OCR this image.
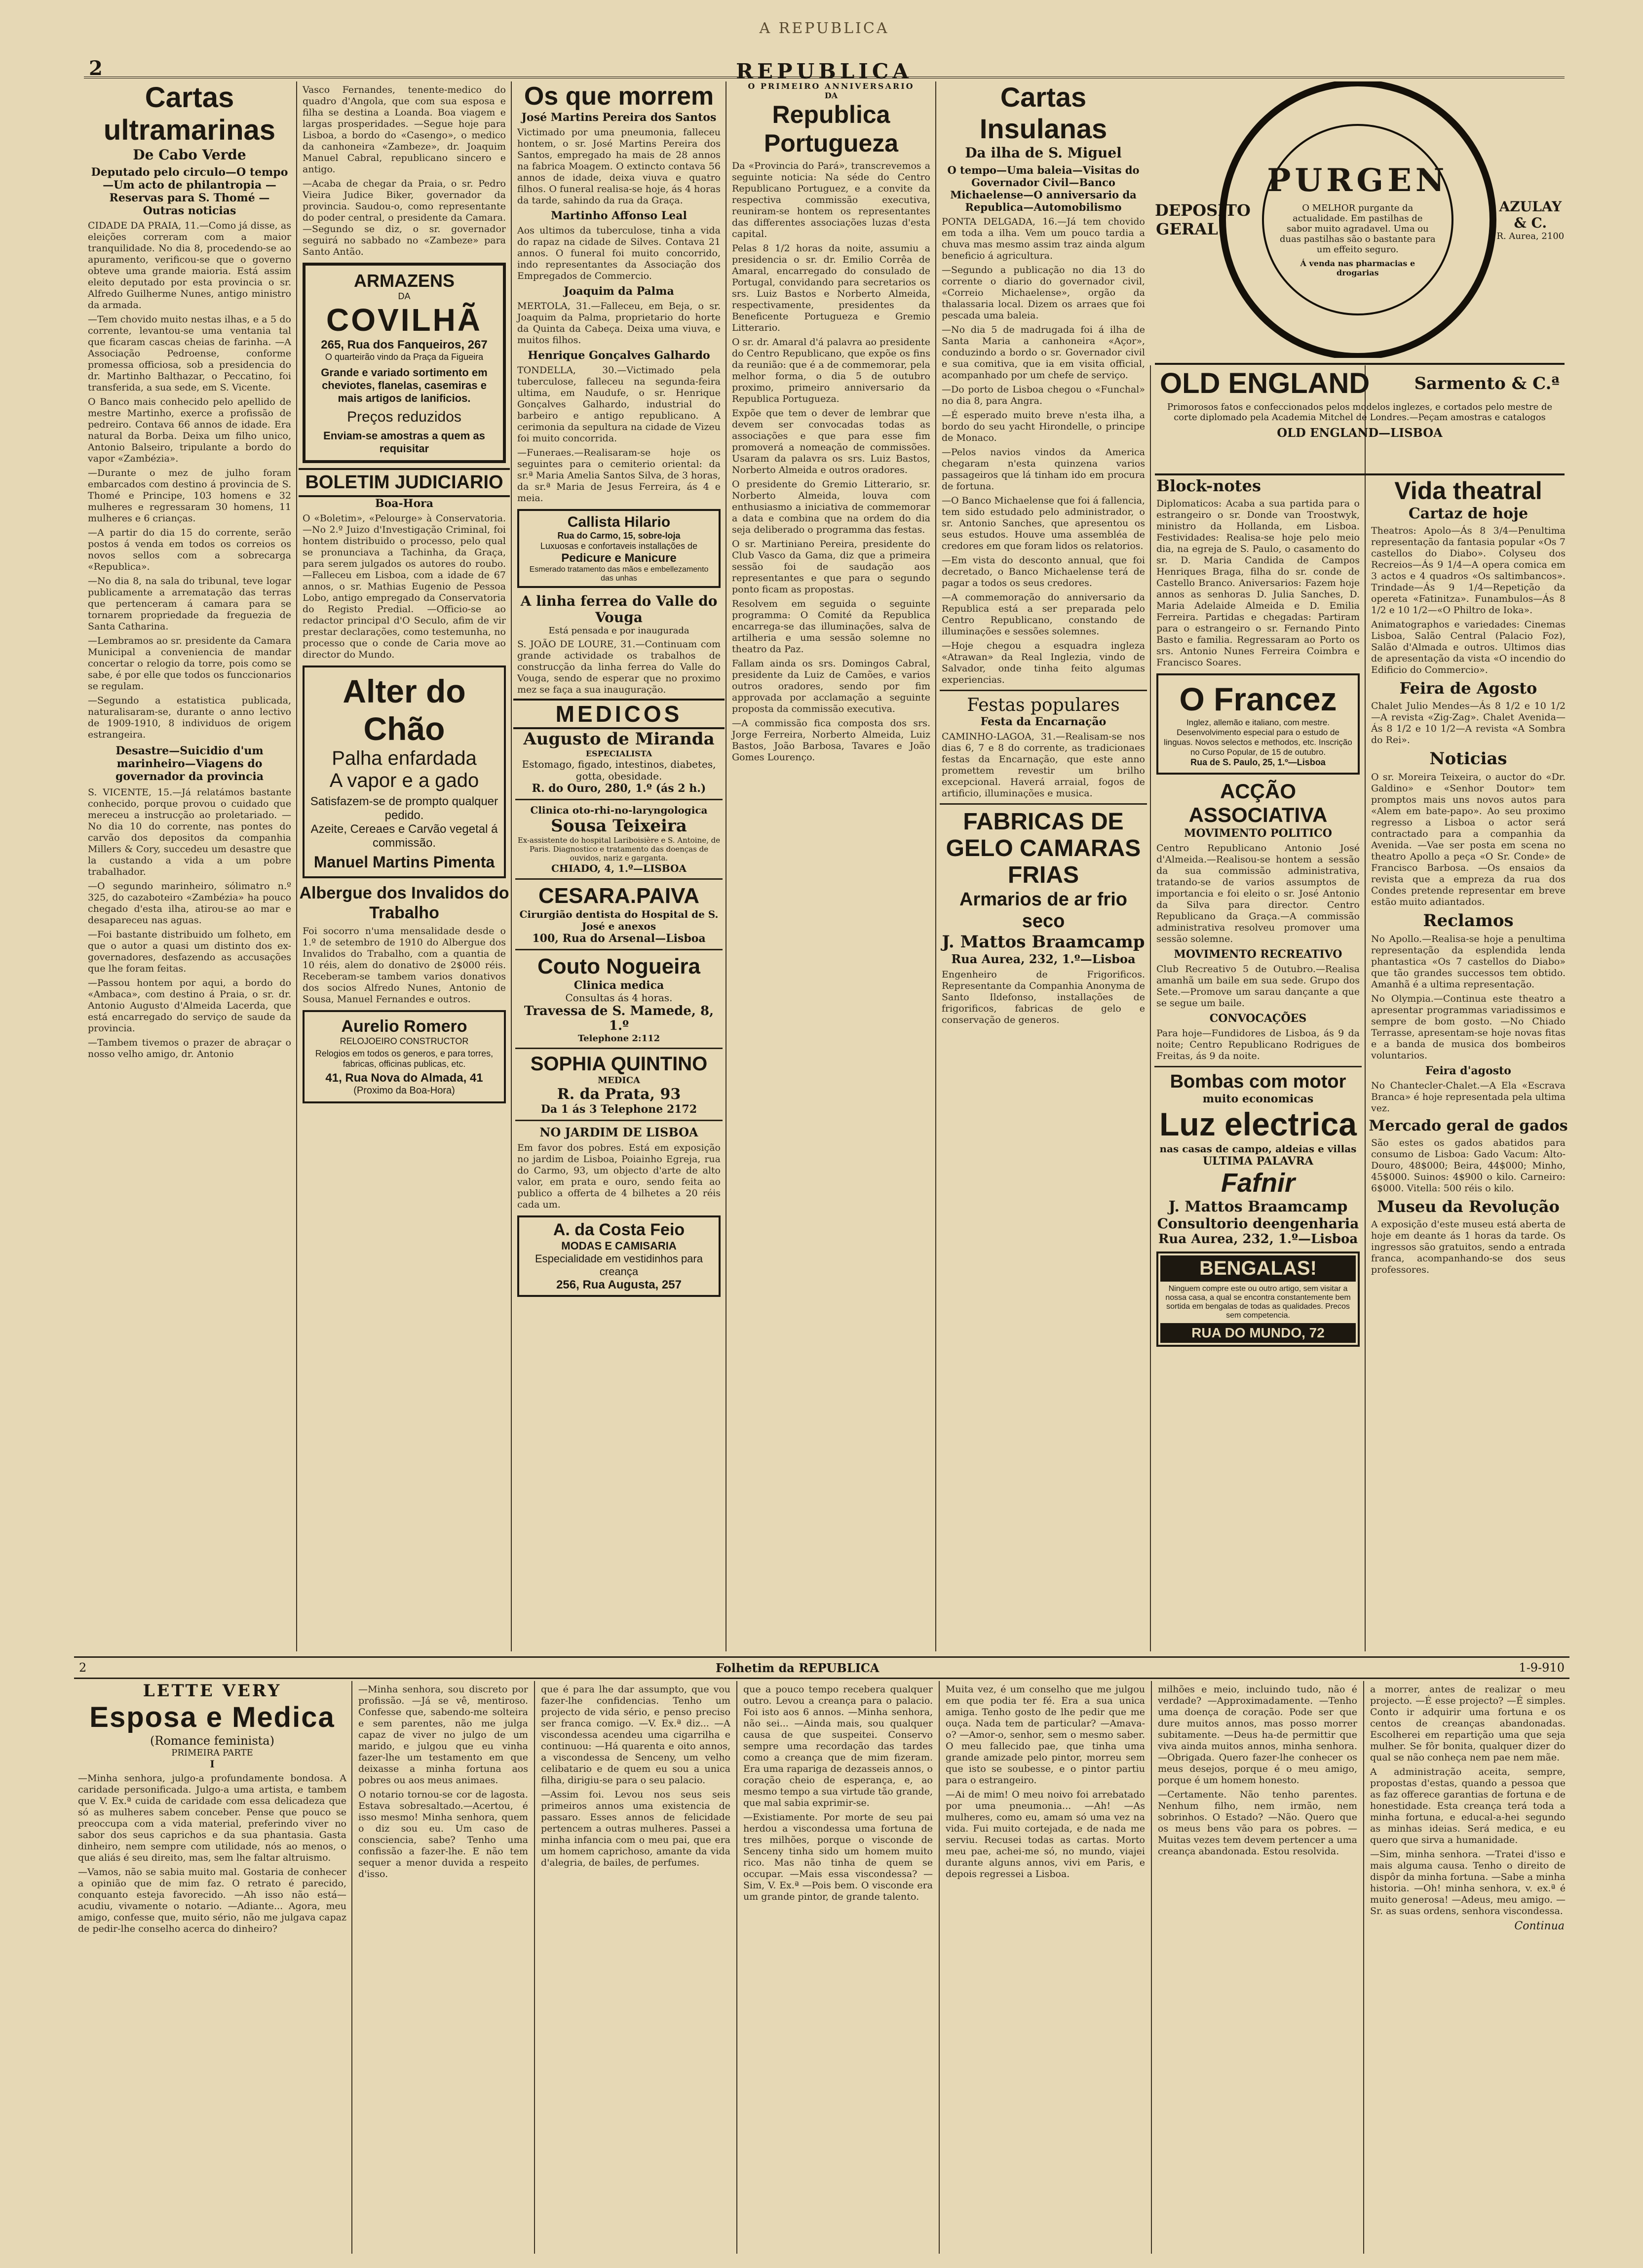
A REPUBLICA
2	REPUBLICA
Cartas ultramarinas
De Cabo Verde
Deputado pelo circulo—O tempo —Um acto de philantropia —Reservas para S. Thomé —Outras noticias

CIDADE DA PRAIA, 11.—Como já disse, as eleições correram com a maior tranquilidade. No dia 8, procedendo-se ao apuramento, verificou-se que o governo obteve uma grande maioria. Está assim eleito deputado por esta provincia o sr. Alfredo Guilherme Nunes, antigo ministro da armada.

—Tem chovido muito nestas ilhas, e a 5 do corrente, levantou-se uma ventania tal que ficaram cascas cheias de farinha. —A Associação Pedroense, conforme promessa officiosa, sob a presidencia do dr. Martinho Balthazar, o Peccatino, foi transferida, a sua sede, em S. Vicente.

O Banco mais conhecido pelo apellido de mestre Martinho, exerce a profissão de pedreiro. Contava 66 annos de idade. Era natural da Borba. Deixa um filho unico, Antonio Balseiro, tripulante a bordo do vapor «Zambézia».

—Durante o mez de julho foram embarcados com destino á provincia de S. Thomé e Principe, 103 homens e 32 mulheres e regressaram 30 homens, 11 mulheres e 6 crianças.

—A partir do dia 15 do corrente, serão postos á venda em todos os correios os novos sellos com a sobrecarga «Republica».

—No dia 8, na sala do tribunal, teve logar publicamente a arrematação das terras que pertenceram á camara para se tornarem propriedade da freguezia de Santa Catharina.

—Lembramos ao sr. presidente da Camara Municipal a conveniencia de mandar concertar o relogio da torre, pois como se sabe, é por elle que todos os funccionarios se regulam.

—Segundo a estatistica publicada, naturalisaram-se, durante o anno lectivo de 1909-1910, 8 individuos de origem estrangeira.

Desastre—Suicidio d'um marinheiro—Viagens do governador da provincia

S. VICENTE, 15.—Já relatámos bastante conhecido, porque provou o cuidado que mereceu a instrucção ao proletariado. —No dia 10 do corrente, nas pontes do carvão dos depositos da companhia Millers & Cory, succedeu um desastre que la custando a vida a um pobre trabalhador.

—O segundo marinheiro, sólimatro n.º 325, do cazaboteiro «Zambézia» ha pouco chegado d'esta ilha, atirou-se ao mar e desapareceu nas aguas.

—Foi bastante distribuido um folheto, em que o autor a quasi um distinto dos ex-governadores, desfazendo as accusações que lhe foram feitas.

—Passou hontem por aqui, a bordo do «Ambaca», com destino á Praia, o sr. dr. Antonio Augusto d'Almeida Lacerda, que está encarregado do serviço de saude da provincia.

—Tambem tivemos o prazer de abraçar o nosso velho amigo, dr. Antonio

Vasco Fernandes, tenente-medico do quadro d'Angola, que com sua esposa e filha se destina a Loanda. Boa viagem e largas prosperidades. —Segue hoje para Lisboa, a bordo do «Casengo», o medico da canhoneira «Zambeze», dr. Joaquim Manuel Cabral, republicano sincero e antigo.

—Acaba de chegar da Praia, o sr. Pedro Vieira Judice Biker, governador da provincia. Saudou-o, como representante do poder central, o presidente da Camara. —Segundo se diz, o sr. governador seguirá no sabbado no «Zambeze» para Santo Antão.

ARMAZENS
DA
COVILHÃ
265, Rua dos Fanqueiros, 267
O quarteirão vindo da Praça da Figueira
Grande e variado sortimento em cheviotes, flanelas, casemiras e mais artigos de lanificios.
Preços reduzidos
Enviam-se amostras a quem as requisitar
BOLETIM JUDICIARIO
Boa-Hora

O «Boletim», «Pelourge» à Conservatoria.—No 2.º Juizo d'Investigação Criminal, foi hontem distribuido o processo, pelo qual se pronunciava a Tachinha, da Graça, para serem julgados os autores do roubo. —Falleceu em Lisboa, com a idade de 67 annos, o sr. Mathias Eugenio de Pessoa Lobo, antigo empregado da Conservatoria do Registo Predial. —Officio-se ao redactor principal d'O Seculo, afim de vir prestar declarações, como testemunha, no processo que o conde de Caria move ao director do Mundo.

Alter do Chão
Palha enfardada
A vapor e a gado
Satisfazem-se de prompto qualquer pedido.
Azeite, Cereaes e Carvão vegetal á commissão.
Manuel Martins Pimenta
Albergue dos Invalidos do Trabalho

Foi socorro n'uma mensalidade desde o 1.º de setembro de 1910 do Albergue dos Invalidos do Trabalho, com a quantia de 10 réis, alem do donativo de 2$000 réis. Receberam-se tambem varios donativos dos socios Alfredo Nunes, Antonio de Sousa, Manuel Fernandes e outros.

Aurelio Romero
RELOJOEIRO CONSTRUCTOR
Relogios em todos os generos, e para torres, fabricas, officinas publicas, etc.
41, Rua Nova do Almada, 41
(Proximo da Boa-Hora)
Os que morrem
José Martins Pereira dos Santos

Victimado por uma pneumonia, falleceu hontem, o sr. José Martins Pereira dos Santos, empregado ha mais de 28 annos na fabrica Moagem. O extincto contava 56 annos de idade, deixa viuva e quatro filhos. O funeral realisa-se hoje, ás 4 horas da tarde, sahindo da rua da Graça.

Martinho Affonso Leal

Aos ultimos da tuberculose, tinha a vida do rapaz na cidade de Silves. Contava 21 annos. O funeral foi muito concorrido, indo representantes da Associação dos Empregados de Commercio.

Joaquim da Palma

MERTOLA, 31.—Falleceu, em Beja, o sr. Joaquim da Palma, proprietario do horte da Quinta da Cabeça. Deixa uma viuva, e muitos filhos.

Henrique Gonçalves Galhardo

TONDELLA, 30.—Victimado pela tuberculose, falleceu na segunda-feira ultima, em Naudufe, o sr. Henrique Gonçalves Galhardo, industrial do barbeiro e antigo republicano. A cerimonia da sepultura na cidade de Vizeu foi muito concorrida.

—Funeraes.—Realisaram-se hoje os seguintes para o cemiterio oriental: da sr.ª Maria Amelia Santos Silva, de 3 horas, da sr.ª Maria de Jesus Ferreira, ás 4 e meia.

Callista Hilario
Rua do Carmo, 15, sobre-loja
Luxuosas e confortaveis installações de
Pedicure e Manicure
Esmerado tratamento das mãos e embellezamento das unhas
A linha ferrea do Valle do Vouga
Está pensada e por inaugurada

S. JOÃO DE LOURE, 31.—Continuam com grande actividade os trabalhos de construcção da linha ferrea do Valle do Vouga, sendo de esperar que no proximo mez se faça a sua inauguração.

MEDICOS
Augusto de Miranda
ESPECIALISTA
Estomago, figado, intestinos, diabetes, gotta, obesidade.
R. do Ouro, 280, 1.º (ás 2 h.)
Clinica oto-rhi-no-laryngologica
Sousa Teixeira
Ex-assistente do hospital Lariboisière e S. Antoine, de Paris. Diagnostico e tratamento das doenças de ouvidos, nariz e garganta.
CHIADO, 4, 1.º—LISBOA
CESARA.PAIVA
Cirurgião dentista do Hospital de S. José e anexos
100, Rua do Arsenal—Lisboa
Couto Nogueira
Clinica medica
Consultas ás 4 horas.
Travessa de S. Mamede, 8, 1.º
Telephone 2:112
SOPHIA QUINTINO
MEDICA
R. da Prata, 93
Da 1 ás 3 Telephone 2172
NO JARDIM DE LISBOA

Em favor dos pobres. Está em exposição no jardim de Lisboa, Poiainho Egreja, rua do Carmo, 93, um objecto d'arte de alto valor, em prata e ouro, sendo feita ao publico a offerta de 4 bilhetes a 20 réis cada um.

A. da Costa Feio
MODAS E CAMISARIA
Especialidade em vestidinhos para creança
256, Rua Augusta, 257
O PRIMEIRO ANNIVERSARIO
DA
Republica Portugueza

Da «Provincia do Pará», transcrevemos a seguinte noticia: Na séde do Centro Republicano Portuguez, e a convite da respectiva commissão executiva, reuniram-se hontem os representantes das differentes associações luzas d'esta capital.

Pelas 8 1/2 horas da noite, assumiu a presidencia o sr. dr. Emilio Corrêa de Amaral, encarregado do consulado de Portugal, convidando para secretarios os srs. Luiz Bastos e Norberto Almeida, respectivamente, presidentes da Beneficente Portugueza e Gremio Litterario.

O sr. dr. Amaral d'á palavra ao presidente do Centro Republicano, que expõe os fins da reunião: que é a de commemorar, pela melhor forma, o dia 5 de outubro proximo, primeiro anniversario da Republica Portugueza.

Expõe que tem o dever de lembrar que devem ser convocadas todas as associações e que para esse fim promoverá a nomeação de commissões. Usaram da palavra os srs. Luiz Bastos, Norberto Almeida e outros oradores.

O presidente do Gremio Litterario, sr. Norberto Almeida, louva com enthusiasmo a iniciativa de commemorar a data e combina que na ordem do dia seja deliberado o programma das festas.

O sr. Martiniano Pereira, presidente do Club Vasco da Gama, diz que a primeira sessão foi de saudação aos representantes e que para o segundo ponto ficam as propostas.

Resolvem em seguida o seguinte programma: O Comité da Republica encarrega-se das illuminações, salva de artilheria e uma sessão solemne no theatro da Paz.

Fallam ainda os srs. Domingos Cabral, presidente da Luiz de Camões, e varios outros oradores, sendo por fim approvada por acclamação a seguinte proposta da commissão executiva.

—A commissão fica composta dos srs. Jorge Ferreira, Norberto Almeida, Luiz Bastos, João Barbosa, Tavares e João Gomes Lourenço.

Cartas Insulanas
Da ilha de S. Miguel
O tempo—Uma baleia—Visitas do Governador Civil—Banco Michaelense—O anniversario da Republica—Automobilismo

PONTA DELGADA, 16.—Já tem chovido em toda a ilha. Vem um pouco tardia a chuva mas mesmo assim traz ainda algum beneficio á agricultura.

—Segundo a publicação no dia 13 do corrente o diario do governador civil, «Correio Michaelense», orgão da thalassaria local. Dizem os arraes que foi pescada uma baleia.

—No dia 5 de madrugada foi á ilha de Santa Maria a canhoneira «Açor», conduzindo a bordo o sr. Governador civil e sua comitiva, que ia em visita official, acompanhado por um chefe de serviço.

—Do porto de Lisboa chegou o «Funchal» no dia 8, para Angra.

—É esperado muito breve n'esta ilha, a bordo do seu yacht Hirondelle, o principe de Monaco.

—Pelos navios vindos da America chegaram n'esta quinzena varios passageiros que lá tinham ido em procura de fortuna.

—O Banco Michaelense que foi á fallencia, tem sido estudado pelo administrador, o sr. Antonio Sanches, que apresentou os seus estudos. Houve uma assembléa de credores em que foram lidos os relatorios.

—Em vista do desconto annual, que foi decretado, o Banco Michaelense terá de pagar a todos os seus credores.

—A commemoração do anniversario da Republica está a ser preparada pelo Centro Republicano, constando de illuminações e sessões solemnes.

—Hoje chegou a esquadra ingleza «Atrawan» da Real Inglezia, vindo de Salvador, onde tinha feito algumas experiencias.

Festas populares
Festa da Encarnação

CAMINHO-LAGOA, 31.—Realisam-se nos dias 6, 7 e 8 do corrente, as tradicionaes festas da Encarnação, que este anno promettem revestir um brilho excepcional. Haverá arraial, fogos de artificio, illuminações e musica.

FABRICAS DE GELO CAMARAS FRIAS
Armarios de ar frio seco
J. Mattos Braamcamp
Rua Aurea, 232, 1.º—Lisboa

Engenheiro de Frigorificos. Representante da Companhia Anonyma de Santo Ildefonso, installações de frigorificos, fabricas de gelo e conservação de generos.

DEPOSITO GERAL
PURGEN
O MELHOR purgante da actualidade. Em pastilhas de sabor muito agradavel. Uma ou duas pastilhas são o bastante para um effeito seguro.
Á venda nas pharmacias e drogarias
AZULAY & C.
R. Aurea, 2100
OLD ENGLAND	Sarmento & C.ª
Primorosos fatos e confeccionados pelos modelos inglezes, e cortados pelo mestre de corte diplomado pela Academia Mitchel de Londres.—Peçam amostras e catalogos
OLD ENGLAND—LISBOA
Block-notes

Diplomaticos: Acaba a sua partida para o estrangeiro o sr. Donde van Troostwyk, ministro da Hollanda, em Lisboa. Festividades: Realisa-se hoje pelo meio dia, na egreja de S. Paulo, o casamento do sr. D. Maria Candida de Campos Henriques Braga, filha do sr. conde de Castello Branco. Aniversarios: Fazem hoje annos as senhoras D. Julia Sanches, D. Maria Adelaide Almeida e D. Emilia Ferreira. Partidas e chegadas: Partiram para o estrangeiro o sr. Fernando Pinto Basto e familia. Regressaram ao Porto os srs. Antonio Nunes Ferreira Coimbra e Francisco Soares.

O Francez
Inglez, allemão e italiano, com mestre. Desenvolvimento especial para o estudo de linguas. Novos selectos e methodos, etc. Inscrição no Curso Popular, de 15 de outubro.
Rua de S. Paulo, 25, 1.º—Lisboa
ACÇÃO ASSOCIATIVA
MOVIMENTO POLITICO

Centro Republicano Antonio José d'Almeida.—Realisou-se hontem a sessão da sua commissão administrativa, tratando-se de varios assumptos de importancia e foi eleito o sr. José Antonio da Silva para director. Centro Republicano da Graça.—A commissão administrativa resolveu promover uma sessão solemne.

MOVIMENTO RECREATIVO

Club Recreativo 5 de Outubro.—Realisa amanhã um baile em sua sede. Grupo dos Sete.—Promove um sarau dançante a que se segue um baile.

CONVOCAÇÕES

Para hoje—Fundidores de Lisboa, ás 9 da noite; Centro Republicano Rodrigues de Freitas, ás 9 da noite.

Bombas com motor
muito economicas
Luz electrica
nas casas de campo, aldeias e villas
ULTIMA PALAVRA
Fafnir
J. Mattos Braamcamp
Consultorio deengenharia
Rua Aurea, 232, 1.º—Lisboa
BENGALAS!
Ninguem compre este ou outro artigo, sem visitar a nossa casa, a qual se encontra constantemente bem sortida em bengalas de todas as qualidades. Precos sem competencia.
RUA DO MUNDO, 72
Vida theatral
Cartaz de hoje

Theatros: Apolo—Ás 8 3/4—Penultima representação da fantasia popular «Os 7 castellos do Diabo». Colyseu dos Recreios—Ás 9 1/4—A opera comica em 3 actos e 4 quadros «Os saltimbancos». Trindade—Ás 9 1/4—Repetição da opereta «Fatinitza». Funambulos—Ás 8 1/2 e 10 1/2—«O Philtro de Ioka».

Animatographos e variedades: Cinemas Lisboa, Salão Central (Palacio Foz), Salão d'Almada e outros. Ultimos dias de apresentação da vista «O incendio do Edificio do Commercio».

Feira de Agosto

Chalet Julio Mendes—Ás 8 1/2 e 10 1/2—A revista «Zig-Zag». Chalet Avenida—Ás 8 1/2 e 10 1/2—A revista «A Sombra do Rei».

Noticias

O sr. Moreira Teixeira, o auctor do «Dr. Galdino» e «Senhor Doutor» tem promptos mais uns novos autos para «Alem em bate-papo». Ao seu proximo regresso a Lisboa o actor será contractado para a companhia da Avenida. —Vae ser posta em scena no theatro Apollo a peça «O Sr. Conde» de Francisco Barbosa. —Os ensaios da revista que a empreza da rua dos Condes pretende representar em breve estão muito adiantados.

Reclamos

No Apollo.—Realisa-se hoje a penultima representação da esplendida lenda phantastica «Os 7 castellos do Diabo» que tão grandes successos tem obtido. Amanhã é a ultima representação.

No Olympia.—Continua este theatro a apresentar programmas variadissimos e sempre de bom gosto. —No Chiado Terrasse, apresentam-se hoje novas fitas e a banda de musica dos bombeiros voluntarios.

Feira d'agosto

No Chantecler-Chalet.—A Ela «Escrava Branca» é hoje representada pela ultima vez.

Mercado geral de gados

São estes os gados abatidos para consumo de Lisboa: Gado Vacum: Alto-Douro, 48$000; Beira, 44$000; Minho, 45$000. Suinos: 4$900 o kilo. Carneiro: 6$000. Vitella: 500 réis o kilo.

Museu da Revolução

A exposição d'este museu está aberta de hoje em deante ás 1 horas da tarde. Os ingressos são gratuitos, sendo a entrada franca, acompanhando-se dos seus professores.

2	Folhetim da REPUBLICA	1-9-910
LETTE VERY
Esposa e Medica
(Romance feminista)
PRIMEIRA PARTE
I

—Minha senhora, julgo-a profundamente bondosa. A caridade personificada. Julgo-a uma artista, e tambem que V. Ex.ª cuida de caridade com essa delicadeza que só as mulheres sabem conceber. Pense que pouco se preoccupa com a vida material, preferindo viver no sabor dos seus caprichos e da sua phantasia. Gasta dinheiro, nem sempre com utilidade, nós ao menos, o que aliás é seu direito, mas, sem lhe faltar altruismo.

—Vamos, não se sabia muito mal. Gostaria de conhecer a opinião que de mim faz. O retrato é parecido, conquanto esteja favorecido. —Ah isso não está—acudiu, vivamente o notario. —Adiante... Agora, meu amigo, confesse que, muito sério, não me julgava capaz de pedir-lhe conselho acerca do dinheiro?

—Minha senhora, sou discreto por profissão. —Já se vê, mentiroso. Confesse que, sabendo-me solteira e sem parentes, não me julga capaz de viver no julgo de um marido, e julgou que eu vinha fazer-lhe um testamento em que deixasse a minha fortuna aos pobres ou aos meus animaes.

O notario tornou-se cor de lagosta. Estava sobresaltado.—Acertou, é isso mesmo! Minha senhora, quem o diz sou eu. Um caso de consciencia, sabe? Tenho uma confissão a fazer-lhe. E não tem sequer a menor duvida a respeito d'isso.

que é para lhe dar assumpto, que vou fazer-lhe confidencias. Tenho um projecto de vida sério, e penso preciso ser franca comigo. —V. Ex.ª diz... —A viscondessa acendeu uma cigarrilha e continuou: —Há quarenta e oito annos, a viscondessa de Senceny, um velho celibatario e de quem eu sou a unica filha, dirigiu-se para o seu palacio.

—Assim foi. Levou nos seus seis primeiros annos uma existencia de passaro. Esses annos de felicidade pertencem a outras mulheres. Passei a minha infancia com o meu pai, que era um homem caprichoso, amante da vida d'alegria, de bailes, de perfumes.

que a pouco tempo recebera qualquer outro. Levou a creança para o palacio. Foi isto aos 6 annos. —Minha senhora, não sei... —Ainda mais, sou qualquer causa de que suspeitei. Conservo sempre uma recordação das tardes como a creança que de mim fizeram. Era uma rapariga de dezasseis annos, o coração cheio de esperança, e, ao mesmo tempo a sua virtude tão grande, que mal sabia exprimir-se.

—Existiamente. Por morte de seu pai herdou a viscondessa uma fortuna de tres milhões, porque o visconde de Senceny tinha sido um homem muito rico. Mas não tinha de quem se occupar. —Mais essa viscondessa? —Sim, V. Ex.ª —Pois bem. O visconde era um grande pintor, de grande talento.

Muita vez, é um conselho que me julgou em que podia ter fé. Era a sua unica amiga. Tenho gosto de lhe pedir que me ouça. Nada tem de particular? —Amava-o? —Amor-o, senhor, sem o mesmo saber. O meu fallecido pae, que tinha uma grande amizade pelo pintor, morreu sem que isto se soubesse, e o pintor partiu para o estrangeiro.

—Ai de mim! O meu noivo foi arrebatado por uma pneumonia... —Ah! —As mulheres, como eu, amam só uma vez na vida. Fui muito cortejada, e de nada me serviu. Recusei todas as cartas. Morto meu pae, achei-me só, no mundo, viajei durante alguns annos, vivi em Paris, e depois regressei a Lisboa.

milhões e meio, incluindo tudo, não é verdade? —Approximadamente. —Tenho uma doença de coração. Pode ser que dure muitos annos, mas posso morrer subitamente. —Deus ha-de permittir que viva ainda muitos annos, minha senhora. —Obrigada. Quero fazer-lhe conhecer os meus desejos, porque é o meu amigo, porque é um homem honesto.

—Certamente. Não tenho parentes. Nenhum filho, nem irmão, nem sobrinhos. O Estado? —Não. Quero que os meus bens vão para os pobres. —Muitas vezes tem devem pertencer a uma creança abandonada. Estou resolvida.

a morrer, antes de realizar o meu projecto. —É esse projecto? —É simples. Conto ir adquirir uma fortuna e os centos de creanças abandonadas. Escolherei em repartição uma que seja mulher. Se fôr bonita, qualquer dizer do qual se não conheça nem pae nem mãe.

A administração aceita, sempre, propostas d'estas, quando a pessoa que as faz offerece garantias de fortuna e de honestidade. Esta creança terá toda a minha fortuna, e educal-a-hei segundo as minhas ideias. Será medica, e eu quero que sirva a humanidade.

—Sim, minha senhora. —Tratei d'isso e mais alguma causa. Tenho o direito de dispôr da minha fortuna. —Sabe a minha historia. —Oh! minha senhora, v. ex.ª é muito generosa! —Adeus, meu amigo. —Sr. as suas ordens, senhora viscondessa.

Continua
